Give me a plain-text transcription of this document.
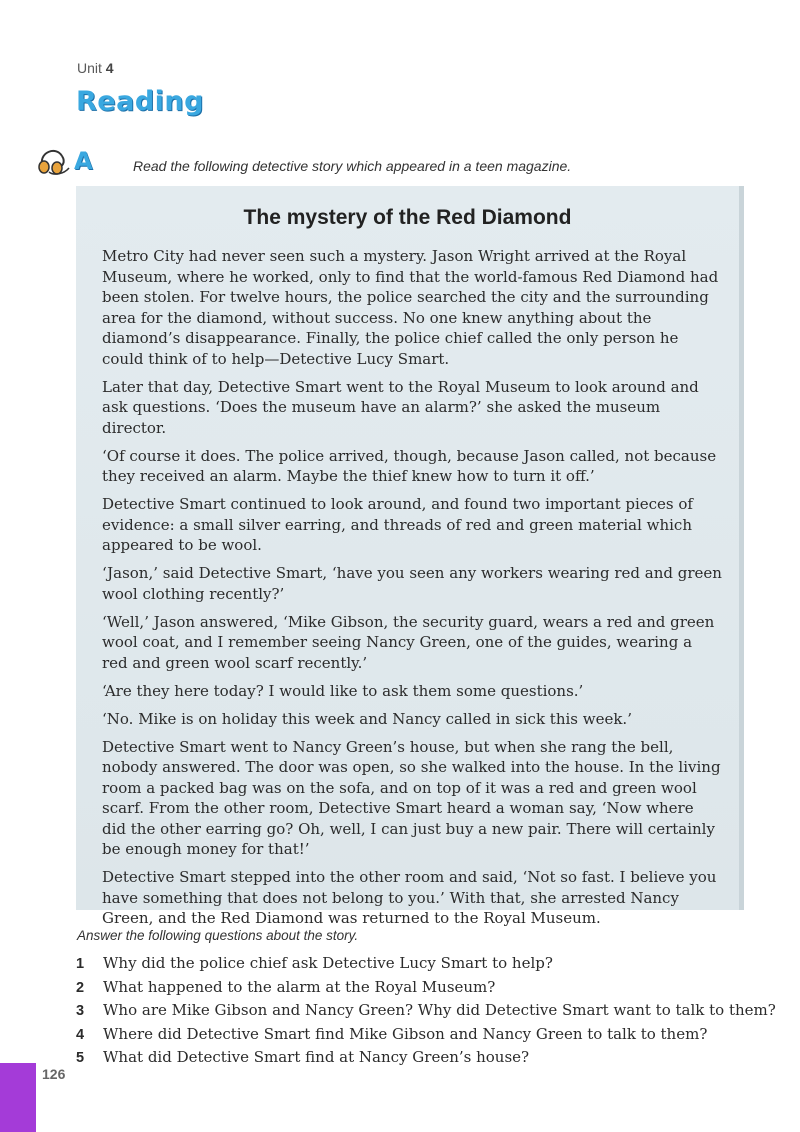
Unit 4
Reading
A	Read the following detective story which appeared in a teen magazine.
The mystery of the Red Diamond

Metro City had never seen such a mystery. Jason Wright arrived at the Royal Museum, where he worked, only to find that the world-famous Red Diamond had been stolen. For twelve hours, the police searched the city and the surrounding area for the diamond, without success. No one knew anything about the diamond’s disappearance. Finally, the police chief called the only person he could think of to help—Detective Lucy Smart.

Later that day, Detective Smart went to the Royal Museum to look around and ask questions. ‘Does the museum have an alarm?’ she asked the museum director.

‘Of course it does. The police arrived, though, because Jason called, not because they received an alarm. Maybe the thief knew how to turn it off.’

Detective Smart continued to look around, and found two important pieces of evidence: a small silver earring, and threads of red and green material which appeared to be wool.

‘Jason,’ said Detective Smart, ‘have you seen any workers wearing red and green wool clothing recently?’

‘Well,’ Jason answered, ‘Mike Gibson, the security guard, wears a red and green wool coat, and I remember seeing Nancy Green, one of the guides, wearing a red and green wool scarf recently.’

‘Are they here today? I would like to ask them some questions.’

‘No. Mike is on holiday this week and Nancy called in sick this week.’

Detective Smart went to Nancy Green’s house, but when she rang the bell, nobody answered. The door was open, so she walked into the house. In the living room a packed bag was on the sofa, and on top of it was a red and green wool scarf. From the other room, Detective Smart heard a woman say, ‘Now where did the other earring go? Oh, well, I can just buy a new pair. There will certainly be enough money for that!’

Detective Smart stepped into the other room and said, ‘Not so fast. I believe you have something that does not belong to you.’ With that, she arrested Nancy Green, and the Red Diamond was returned to the Royal Museum.

Answer the following questions about the story.
1 Why did the police chief ask Detective Lucy Smart to help?
2 What happened to the alarm at the Royal Museum?
3 Who are Mike Gibson and Nancy Green? Why did Detective Smart want to talk to them?
4 Where did Detective Smart find Mike Gibson and Nancy Green to talk to them?
5 What did Detective Smart find at Nancy Green’s house?
126
